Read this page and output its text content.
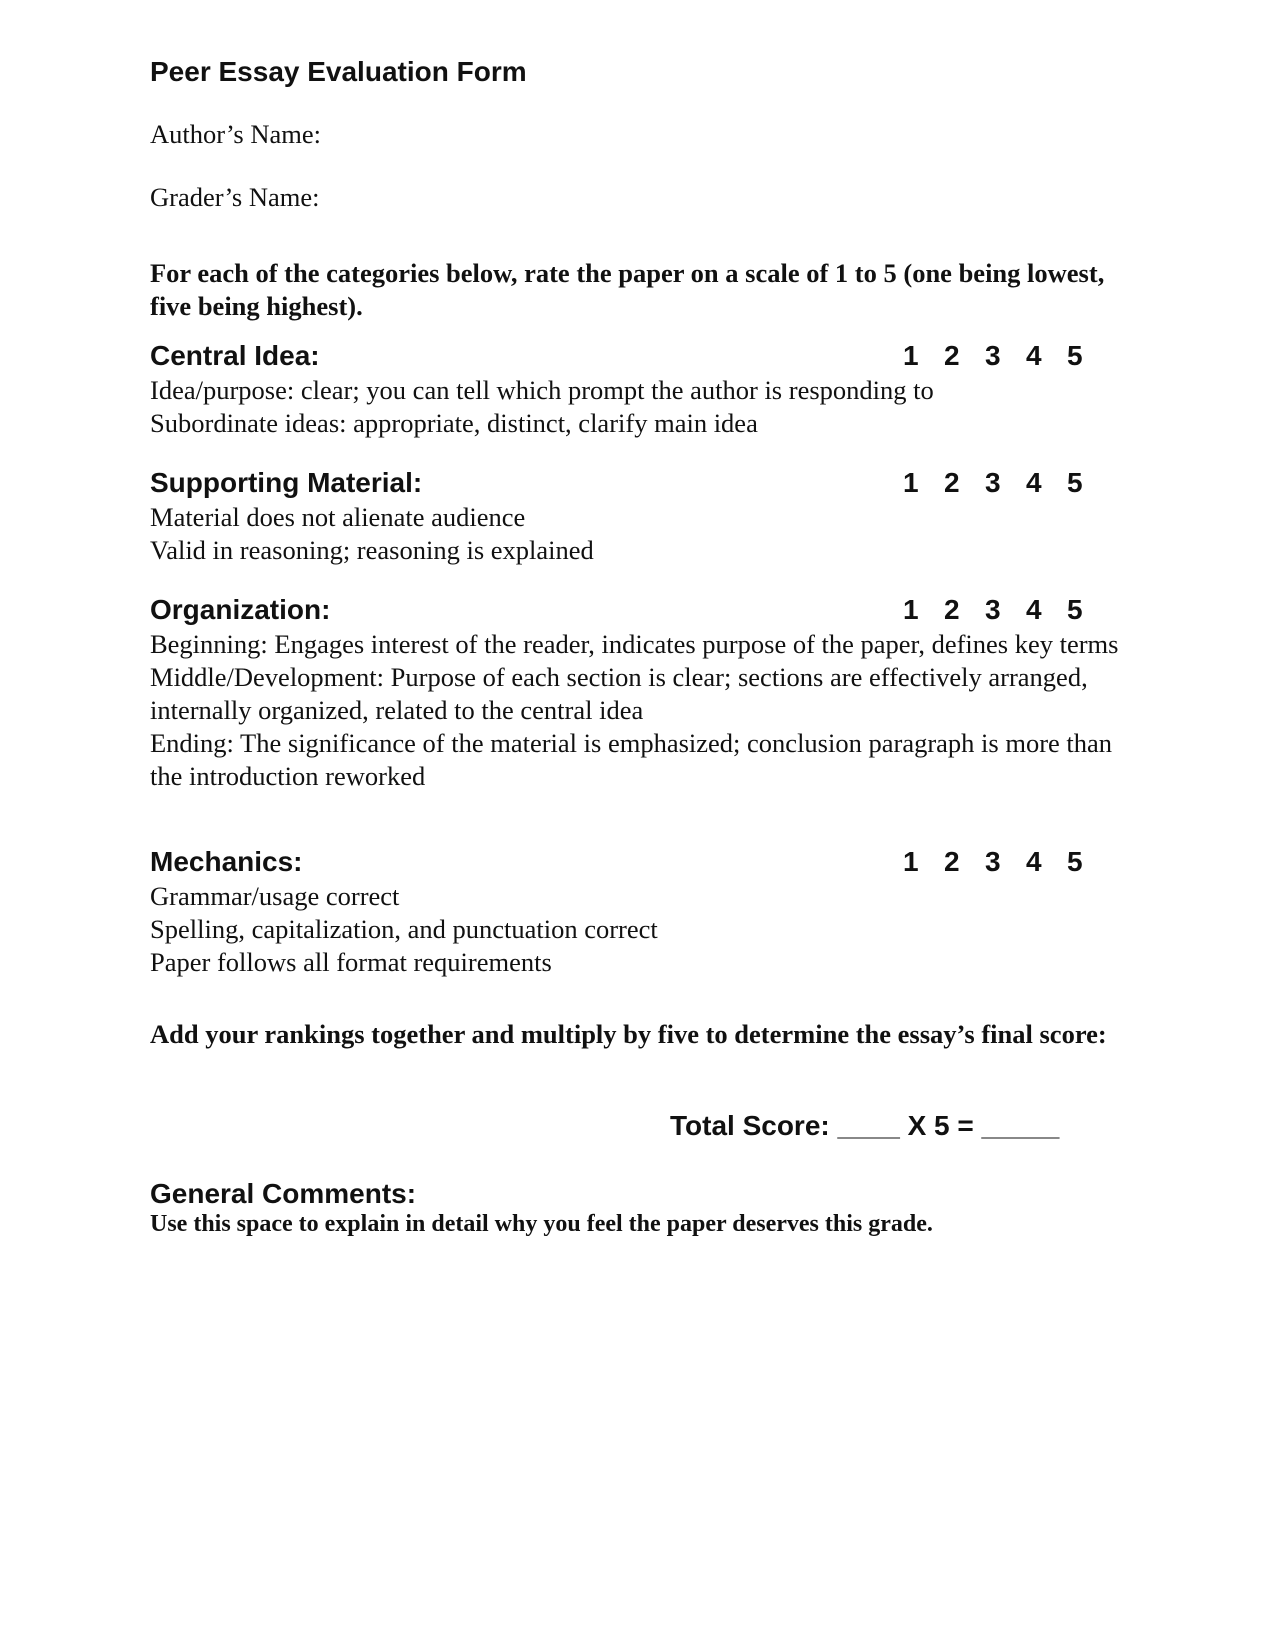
Peer Essay Evaluation Form
Author’s Name:
Grader’s Name:
For each of the categories below, rate the paper on a scale of 1 to 5 (one being lowest, five being highest).
Central Idea:	1 2 3 4 5
Idea/purpose: clear; you can tell which prompt the author is responding to
Subordinate ideas: appropriate, distinct, clarify main idea
Supporting Material:	1 2 3 4 5
Material does not alienate audience
Valid in reasoning; reasoning is explained
Organization:	1 2 3 4 5
Beginning: Engages interest of the reader, indicates purpose of the paper, defines key terms
Middle/Development: Purpose of each section is clear; sections are effectively arranged, internally organized, related to the central idea
Ending: The significance of the material is emphasized; conclusion paragraph is more than the introduction reworked
Mechanics:	1 2 3 4 5
Grammar/usage correct
Spelling, capitalization, and punctuation correct
Paper follows all format requirements
Add your rankings together and multiply by five to determine the essay’s final score:
Total Score: ____ X 5 = _____
General Comments:
Use this space to explain in detail why you feel the paper deserves this grade.
